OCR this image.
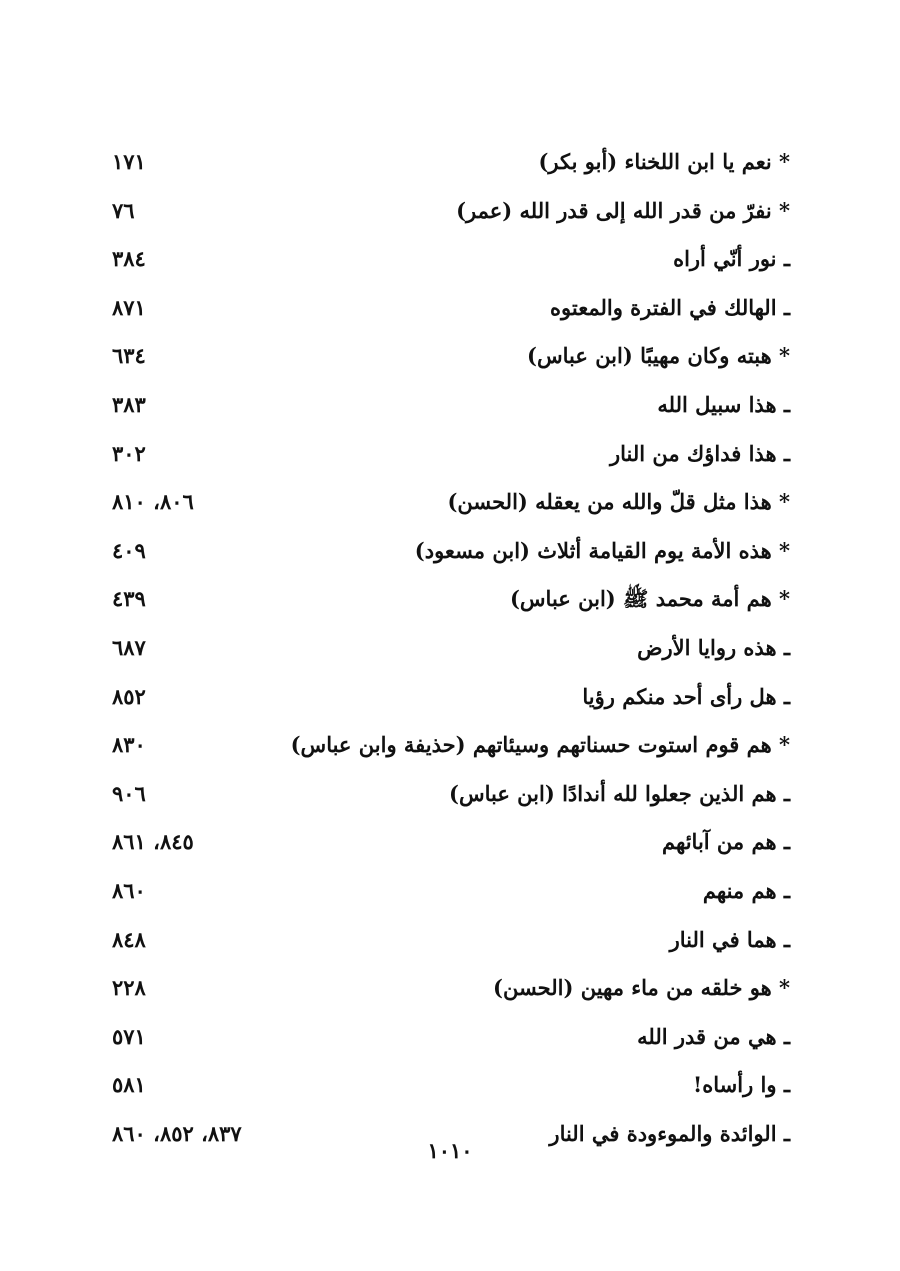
* نعم يا ابن اللخناء (أبو بكر)
١٧١
* نفرّ من قدر الله إلى قدر الله (عمر)
٧٦
ـ نور أنّي أراه
٣٨٤
ـ الهالك في الفترة والمعتوه
٨٧١
* هبته وكان مهيبًا (ابن عباس)
٦٣٤
ـ هذا سبيل الله
٣٨٣
ـ هذا فداؤك من النار
٣٠٢
* هذا مثل قلّ والله من يعقله (الحسن)
٨٠٦، ٨١٠
* هذه الأمة يوم القيامة أثلاث (ابن مسعود)
٤٠٩
* هم أمة محمد ﷺ (ابن عباس)
٤٣٩
ـ هذه روايا الأرض
٦٨٧
ـ هل رأى أحد منكم رؤيا
٨٥٢
* هم قوم استوت حسناتهم وسيئاتهم (حذيفة وابن عباس)
٨٣٠
ـ هم الذين جعلوا لله أندادًا (ابن عباس)
٩٠٦
ـ هم من آبائهم
٨٤٥، ٨٦١
ـ هم منهم
٨٦٠
ـ هما في النار
٨٤٨
* هو خلقه من ماء مهين (الحسن)
٢٢٨
ـ هي من قدر الله
٥٧١
ـ وا رأساه!
٥٨١
ـ الوائدة والموءودة في النار
٨٣٧، ٨٥٢، ٨٦٠
١٠١٠
